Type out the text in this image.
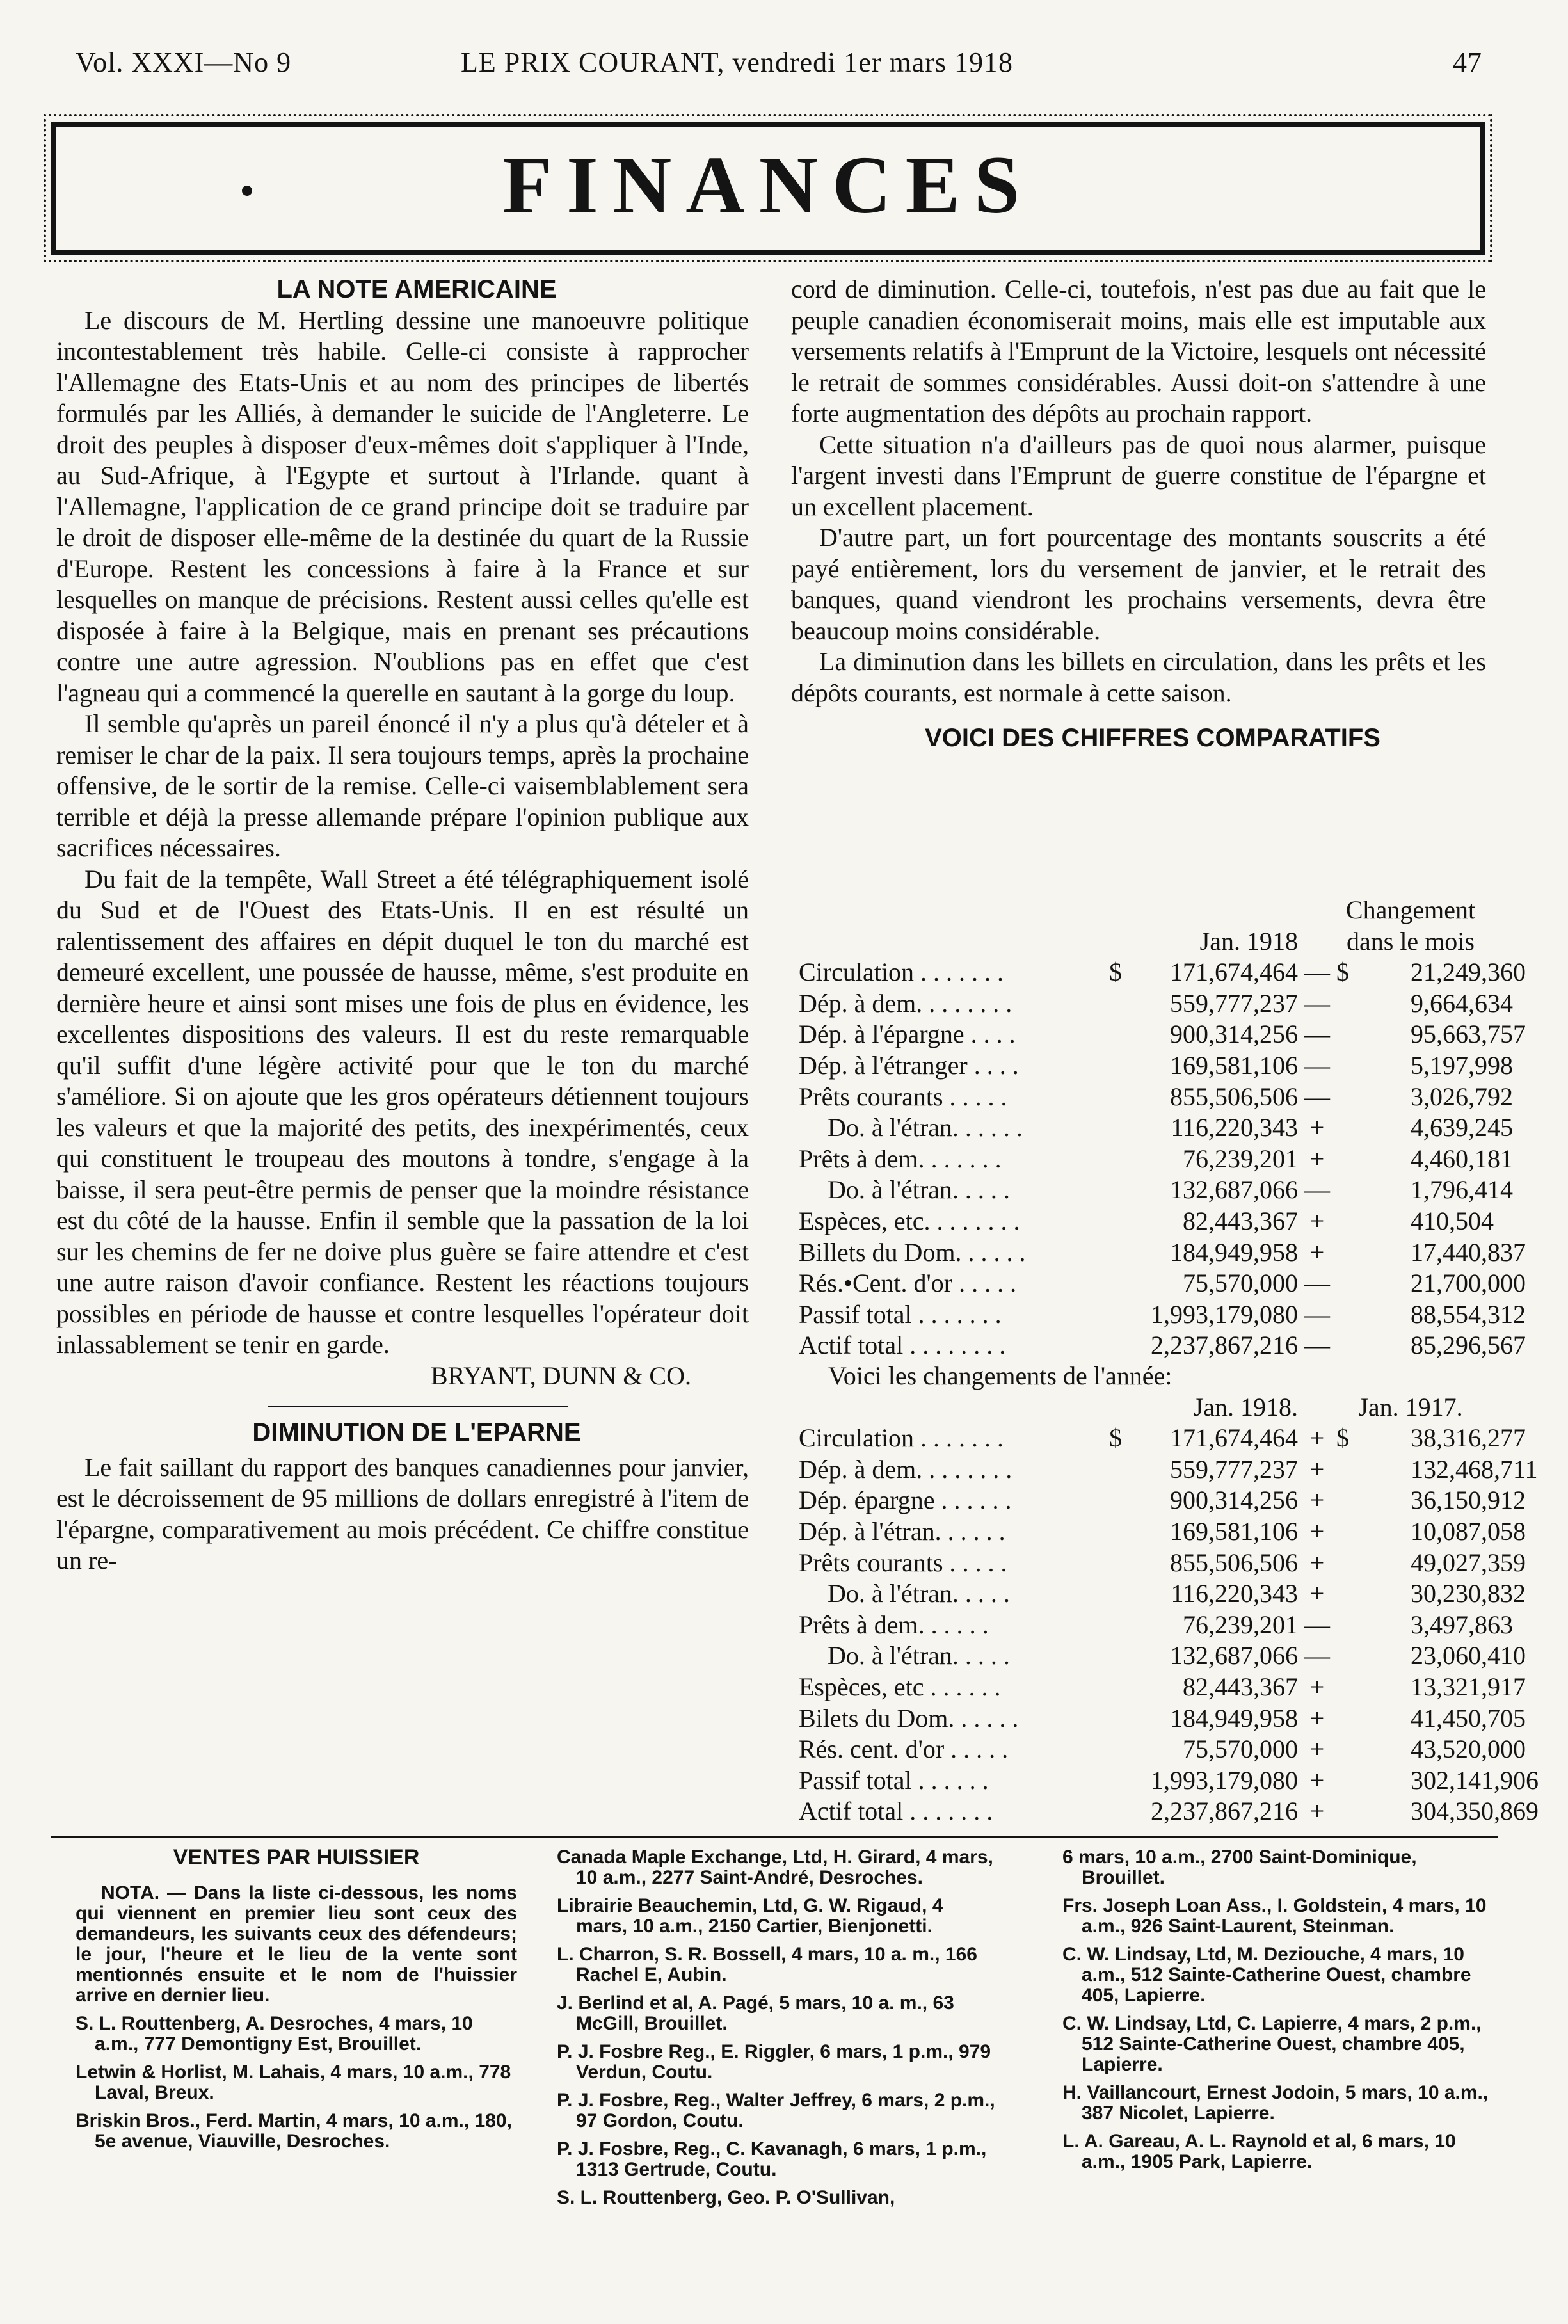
Vol. XXXI—No 9	LE PRIX COURANT, vendredi 1er mars 1918	47
FINANCES

LA NOTE AMERICAINE

Le discours de M. Hertling dessine une manoeuvre politique incontestablement très habile. Celle-ci consiste à rapprocher l'Allemagne des Etats-Unis et au nom des principes de libertés formulés par les Alliés, à demander le suicide de l'Angleterre. Le droit des peuples à disposer d'eux-mêmes doit s'appliquer à l'Inde, au Sud-Afrique, à l'Egypte et surtout à l'Irlande. quant à l'Allemagne, l'application de ce grand principe doit se traduire par le droit de disposer elle-même de la destinée du quart de la Russie d'Europe. Restent les concessions à faire à la France et sur lesquelles on manque de précisions. Restent aussi celles qu'elle est disposée à faire à la Belgique, mais en prenant ses précautions contre une autre agression. N'oublions pas en effet que c'est l'agneau qui a commencé la querelle en sautant à la gorge du loup.

Il semble qu'après un pareil énoncé il n'y a plus qu'à dételer et à remiser le char de la paix. Il sera toujours temps, après la prochaine offensive, de le sortir de la remise. Celle-ci vaisemblablement sera terrible et déjà la presse allemande prépare l'opinion publique aux sacrifices nécessaires.

Du fait de la tempête, Wall Street a été télégraphiquement isolé du Sud et de l'Ouest des Etats-Unis. Il en est résulté un ralentissement des affaires en dépit duquel le ton du marché est demeuré excellent, une poussée de hausse, même, s'est produite en dernière heure et ainsi sont mises une fois de plus en évidence, les excellentes dispositions des valeurs. Il est du reste remarquable qu'il suffit d'une légère activité pour que le ton du marché s'améliore. Si on ajoute que les gros opérateurs détiennent toujours les valeurs et que la majorité des petits, des inexpérimentés, ceux qui constituent le troupeau des moutons à tondre, s'engage à la baisse, il sera peut-être permis de penser que la moindre résistance est du côté de la hausse. Enfin il semble que la passation de la loi sur les chemins de fer ne doive plus guère se faire attendre et c'est une autre raison d'avoir confiance. Restent les réactions toujours possibles en période de hausse et contre lesquelles l'opérateur doit inlassablement se tenir en garde.

BRYANT, DUNN & CO.

DIMINUTION DE L'EPARNE

Le fait saillant du rapport des banques canadiennes pour janvier, est le décroissement de 95 millions de dollars enregistré à l'item de l'épargne, comparativement au mois précédent. Ce chiffre constitue un re-

cord de diminution. Celle-ci, toutefois, n'est pas due au fait que le peuple canadien économiserait moins, mais elle est imputable aux versements relatifs à l'Emprunt de la Victoire, lesquels ont nécessité le retrait de sommes considérables. Aussi doit-on s'attendre à une forte augmentation des dépôts au prochain rapport.

Cette situation n'a d'ailleurs pas de quoi nous alarmer, puisque l'argent investi dans l'Emprunt de guerre constitue de l'épargne et un excellent placement.

D'autre part, un fort pourcentage des montants souscrits a été payé entièrement, lors du versement de janvier, et le retrait des banques, quand viendront les prochains versements, devra être beaucoup moins considérable.

La diminution dans les billets en circulation, dans les prêts et les dépôts courants, est normale à cette saison.

VOICI DES CHIFFRES COMPARATIFS

				Changement	
		Jan. 1918		dans le mois	
Circulation . . . . . . .	$	171,674,464	—	$	21,249,360
Dép. à dem. . . . . . . .		559,777,237	—		9,664,634
Dép. à l'épargne . . . .		900,314,256	—		95,663,757
Dép. à l'étranger . . . .		169,581,106	—		5,197,998
Prêts courants . . . . .		855,506,506	—		3,026,792
Do. à l'étran. . . . . .		116,220,343	+		4,639,245
Prêts à dem. . . . . . .		76,239,201	+		4,460,181
Do. à l'étran. . . . .		132,687,066	—		1,796,414
Espèces, etc. . . . . . . .		82,443,367	+		410,504
Billets du Dom. . . . . .		184,949,958	+		17,440,837
Rés.•Cent. d'or . . . . .		75,570,000	—		21,700,000
Passif total . . . . . . .		1,993,179,080	—		88,554,312
Actif total . . . . . . . .		2,237,867,216	—		85,296,567
Voici les changements de l'année:
		Jan. 1918.		Jan. 1917.	
Circulation . . . . . . .	$	171,674,464	+	$	38,316,277
Dép. à dem. . . . . . . .		559,777,237	+		132,468,711
Dép. épargne . . . . . .		900,314,256	+		36,150,912
Dép. à l'étran. . . . . .		169,581,106	+		10,087,058
Prêts courants . . . . .		855,506,506	+		49,027,359
Do. à l'étran. . . . .		116,220,343	+		30,230,832
Prêts à dem. . . . . .		76,239,201	—		3,497,863
Do. à l'étran. . . . .		132,687,066	—		23,060,410
Espèces, etc . . . . . .		82,443,367	+		13,321,917
Bilets du Dom. . . . . .		184,949,958	+		41,450,705
Rés. cent. d'or . . . . .		75,570,000	+		43,520,000
Passif total . . . . . .		1,993,179,080	+		302,141,906
Actif total . . . . . . .		2,237,867,216	+		304,350,869
VENTES PAR HUISSIER

NOTA. — Dans la liste ci-dessous, les noms qui viennent en premier lieu sont ceux des demandeurs, les suivants ceux des défendeurs; le jour, l'heure et le lieu de la vente sont mentionnés ensuite et le nom de l'huissier arrive en dernier lieu.

S. L. Routtenberg, A. Desroches, 4 mars, 10 a.m., 777 Demontigny Est, Brouillet.

Letwin & Horlist, M. Lahais, 4 mars, 10 a.m., 778 Laval, Breux.

Briskin Bros., Ferd. Martin, 4 mars, 10 a.m., 180, 5e avenue, Viauville, Desroches.

Canada Maple Exchange, Ltd, H. Girard, 4 mars, 10 a.m., 2277 Saint-André, Desroches.

Librairie Beauchemin, Ltd, G. W. Rigaud, 4 mars, 10 a.m., 2150 Cartier, Bienjonetti.

L. Charron, S. R. Bossell, 4 mars, 10 a. m., 166 Rachel E, Aubin.

J. Berlind et al, A. Pagé, 5 mars, 10 a. m., 63 McGill, Brouillet.

P. J. Fosbre Reg., E. Riggler, 6 mars, 1 p.m., 979 Verdun, Coutu.

P. J. Fosbre, Reg., Walter Jeffrey, 6 mars, 2 p.m., 97 Gordon, Coutu.

P. J. Fosbre, Reg., C. Kavanagh, 6 mars, 1 p.m., 1313 Gertrude, Coutu.

S. L. Routtenberg, Geo. P. O'Sullivan,

6 mars, 10 a.m., 2700 Saint-Dominique, Brouillet.

Frs. Joseph Loan Ass., I. Goldstein, 4 mars, 10 a.m., 926 Saint-Laurent, Steinman.

C. W. Lindsay, Ltd, M. Deziouche, 4 mars, 10 a.m., 512 Sainte-Catherine Ouest, chambre 405, Lapierre.

C. W. Lindsay, Ltd, C. Lapierre, 4 mars, 2 p.m., 512 Sainte-Catherine Ouest, chambre 405, Lapierre.

H. Vaillancourt, Ernest Jodoin, 5 mars, 10 a.m., 387 Nicolet, Lapierre.

L. A. Gareau, A. L. Raynold et al, 6 mars, 10 a.m., 1905 Park, Lapierre.
